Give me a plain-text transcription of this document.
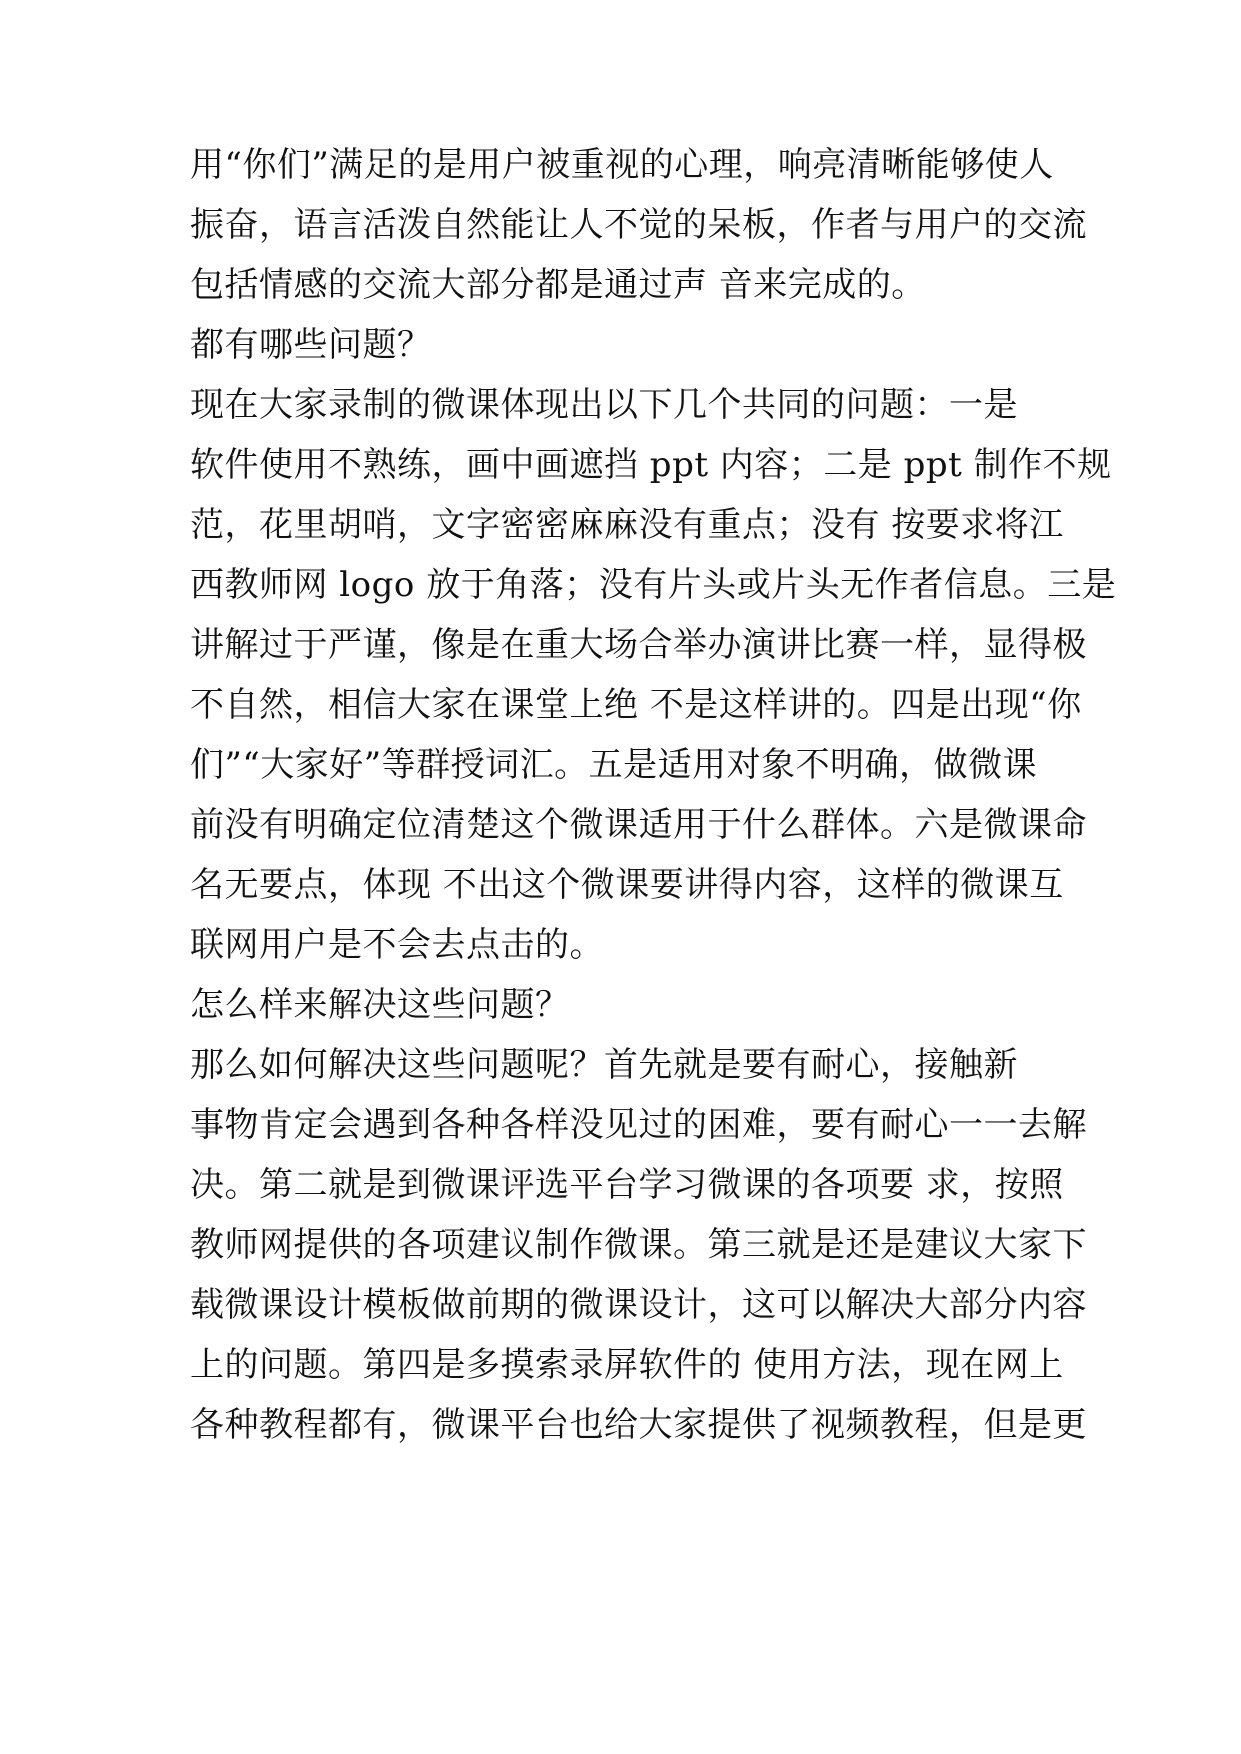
用“你们”满足的是用户被重视的心理，响亮清晰能够使人
振奋，语言活泼自然能让人不觉的呆板，作者与用户的交流
包括情感的交流大部分都是通过声 音来完成的。
都有哪些问题？
现在大家录制的微课体现出以下几个共同的问题：一是
软件使用不熟练，画中画遮挡 ppt 内容；二是 ppt 制作不规
范，花里胡哨，文字密密麻麻没有重点；没有 按要求将江
西教师网 logo 放于角落；没有片头或片头无作者信息。三是
讲解过于严谨，像是在重大场合举办演讲比赛一样，显得极
不自然，相信大家在课堂上绝 不是这样讲的。四是出现“你
们”“大家好”等群授词汇。五是适用对象不明确，做微课
前没有明确定位清楚这个微课适用于什么群体。六是微课命
名无要点，体现 不出这个微课要讲得内容，这样的微课互
联网用户是不会去点击的。
怎么样来解决这些问题？
那么如何解决这些问题呢？首先就是要有耐心，接触新
事物肯定会遇到各种各样没见过的困难，要有耐心一一去解
决。第二就是到微课评选平台学习微课的各项要 求，按照
教师网提供的各项建议制作微课。第三就是还是建议大家下
载微课设计模板做前期的微课设计，这可以解决大部分内容
上的问题。第四是多摸索录屏软件的 使用方法，现在网上
各种教程都有，微课平台也给大家提供了视频教程，但是更
